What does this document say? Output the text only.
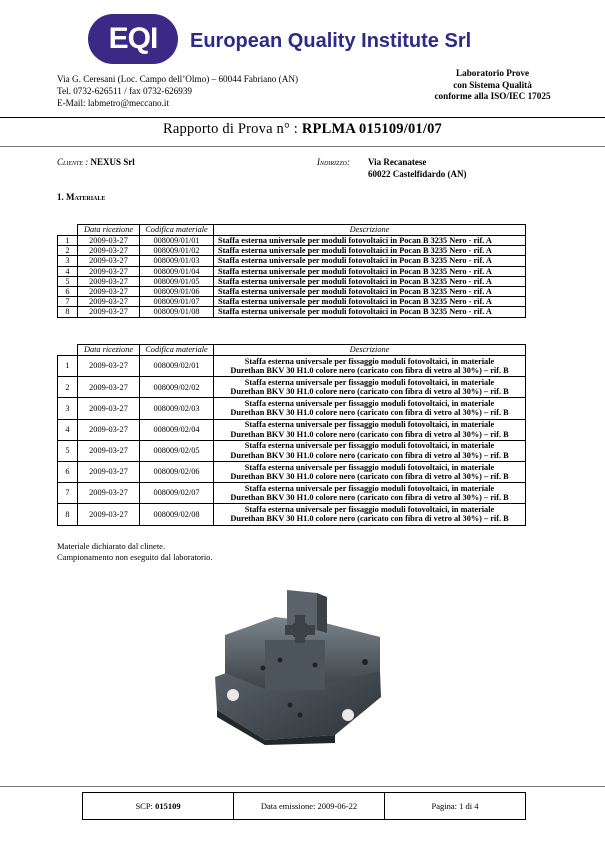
EQI European Quality Institute Srl
Via G. Ceresani (Loc. Campo dell’Olmo) – 60044 Fabriano (AN)
Tel. 0732-626511 / fax 0732-626939
E-Mail: labmetro@meccano.it
Laboratorio Prove
con Sistema Qualità
conforme alla ISO/IEC 17025
Rapporto di Prova n° : RPLMA 015109/01/07
Cliente : NEXUS Srl	Indirizzo: Via Recanatese
60022 Castelfidardo (AN)
1. Materiale
	Data ricezione	Codifica materiale	Descrizione
1	2009-03-27	008009/01/01	Staffa esterna universale per moduli fotovoltaici in Pocan B 3235 Nero - rif. A
2	2009-03-27	008009/01/02	Staffa esterna universale per moduli fotovoltaici in Pocan B 3235 Nero - rif. A
3	2009-03-27	008009/01/03	Staffa esterna universale per moduli fotovoltaici in Pocan B 3235 Nero - rif. A
4	2009-03-27	008009/01/04	Staffa esterna universale per moduli fotovoltaici in Pocan B 3235 Nero - rif. A
5	2009-03-27	008009/01/05	Staffa esterna universale per moduli fotovoltaici in Pocan B 3235 Nero - rif. A
6	2009-03-27	008009/01/06	Staffa esterna universale per moduli fotovoltaici in Pocan B 3235 Nero - rif. A
7	2009-03-27	008009/01/07	Staffa esterna universale per moduli fotovoltaici in Pocan B 3235 Nero - rif. A
8	2009-03-27	008009/01/08	Staffa esterna universale per moduli fotovoltaici in Pocan B 3235 Nero - rif. A
	Data ricezione	Codifica materiale	Descrizione
1	2009-03-27	008009/02/01	Staffa esterna universale per fissaggio moduli fotovoltaici, in materiale
Durethan BKV 30 H1.0 colore nero (caricato con fibra di vetro al 30%) – rif. B

2	2009-03-27	008009/02/02	Staffa esterna universale per fissaggio moduli fotovoltaici, in materiale
Durethan BKV 30 H1.0 colore nero (caricato con fibra di vetro al 30%) – rif. B

3	2009-03-27	008009/02/03	Staffa esterna universale per fissaggio moduli fotovoltaici, in materiale
Durethan BKV 30 H1.0 colore nero (caricato con fibra di vetro al 30%) – rif. B

4	2009-03-27	008009/02/04	Staffa esterna universale per fissaggio moduli fotovoltaici, in materiale
Durethan BKV 30 H1.0 colore nero (caricato con fibra di vetro al 30%) – rif. B

5	2009-03-27	008009/02/05	Staffa esterna universale per fissaggio moduli fotovoltaici, in materiale
Durethan BKV 30 H1.0 colore nero (caricato con fibra di vetro al 30%) – rif. B

6	2009-03-27	008009/02/06	Staffa esterna universale per fissaggio moduli fotovoltaici, in materiale
Durethan BKV 30 H1.0 colore nero (caricato con fibra di vetro al 30%) – rif. B

7	2009-03-27	008009/02/07	Staffa esterna universale per fissaggio moduli fotovoltaici, in materiale
Durethan BKV 30 H1.0 colore nero (caricato con fibra di vetro al 30%) – rif. B

8	2009-03-27	008009/02/08	Staffa esterna universale per fissaggio moduli fotovoltaici, in materiale
Durethan BKV 30 H1.0 colore nero (caricato con fibra di vetro al 30%) – rif. B
Materiale dichiarato dal clinete.
Campionamento non eseguito dal laboratorio.
SCP:
015109	Data emissione: 2009-06-22	Pagina: 1 di 4
